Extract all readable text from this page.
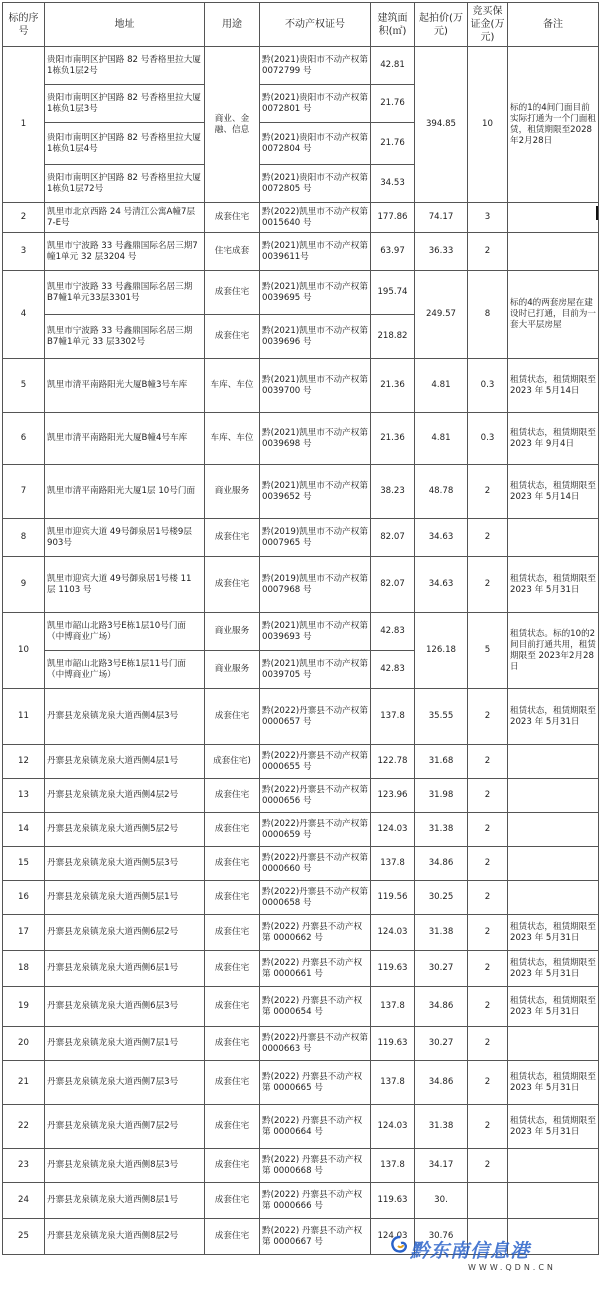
标的序号	地址	用途	不动产权证号	建筑面积(㎡)	起拍价(万元)	竞买保证金(万元)	备注
1	贵阳市南明区护国路 82 号香格里拉大厦1栋负1层2号	商业、金融、信息	黔(2021)贵阳市不动产权第 0072799 号	42.81	394.85	10	标的1的4间门面目前实际打通为一个门面租赁，租赁期限至2028年2月28日
	贵阳市南明区护国路 82 号香格里拉大厦1栋负1层3号		黔(2021)贵阳市不动产权第 0072801 号	21.76			
	贵阳市南明区护国路 82 号香格里拉大厦1栋负1层4号		黔(2021)贵阳市不动产权第 0072804 号	21.76			
	贵阳市南明区护国路 82 号香格里拉大厦1栋负1层72号		黔(2021)贵阳市不动产权第 0072805 号	34.53			
2	凯里市北京西路 24 号清江公寓A幢7层7-E号	成套住宅	黔(2022)凯里市不动产权第 0015640 号	177.86	74.17	3	
3	凯里市宁波路 33 号鑫鼎国际名居三期7幢1单元 32 层3204 号	住宅成套	黔(2021)凯里市不动产权第 0039611号	63.97	36.33	2	
4	凯里市宁波路 33 号鑫鼎国际名居三期B7幢1单元33层3301号	成套住宅	黔(2021)凯里市不动产权第 0039695 号	195.74	249.57	8	标的4的两套房屋在建设时已打通，目前为一套大平层房屋
	凯里市宁波路 33 号鑫鼎国际名居三期B7幢1单元 33 层3302号	成套住宅	黔(2021)凯里市不动产权第 0039696 号	218.82			
5	凯里市清平南路阳光大厦B幢3号车库	车库、车位	黔(2021)凯里市不动产权第 0039700 号	21.36	4.81	0.3	租赁状态，租赁期限至 2023 年 5月14日
6	凯里市清平南路阳光大厦B幢4号车库	车库、车位	黔(2021)凯里市不动产权第 0039698 号	21.36	4.81	0.3	租赁状态，租赁期限至 2023 年 9月4日
7	凯里市清平南路阳光大厦1层 10号门面	商业服务	黔(2021)凯里市不动产权第 0039652 号	38.23	48.78	2	租赁状态，租赁期限至 2023 年 5月14日
8	凯里市迎宾大道 49号御泉居1号楼9层903号	成套住宅	黔(2019)凯里市不动产权第 0007965 号	82.07	34.63	2	
9	凯里市迎宾大道 49号御泉居1号楼 11 层 1103 号	成套住宅	黔(2019)凯里市不动产权第 0007968 号	82.07	34.63	2	租赁状态，租赁期限至 2023 年 5月31日
10	凯里市韶山北路3号E栋1层10号门面（中博商业广场）	商业服务	黔(2021)凯里市不动产权第 0039693 号	42.83	126.18	5	租赁状态。标的10的2间目前打通共用，租赁期限至 2023年2月28日
	凯里市韶山北路3号E栋1层11号门面（中博商业广场）	商业服务	黔(2021)凯里市不动产权第 0039705 号	42.83			
11	丹寨县龙泉镇龙泉大道西侧4层3号	成套住宅	黔(2022)丹寨县不动产权第 0000657 号	137.8	35.55	2	租赁状态，租赁期限至 2023 年 5月31日
12	丹寨县龙泉镇龙泉大道西侧4层1号	成套住宅)	黔(2022)丹寨县不动产权第 0000655 号	122.78	31.68	2	
13	丹寨县龙泉镇龙泉大道西侧4层2号	成套住宅	黔(2022)丹寨县不动产权第 0000656 号	123.96	31.98	2	
14	丹寨县龙泉镇龙泉大道西侧5层2号	成套住宅	黔(2022)丹寨县不动产权第 0000659 号	124.03	31.38	2	
15	丹寨县龙泉镇龙泉大道西侧5层3号	成套住宅	黔(2022)丹寨县不动产权第 0000660 号	137.8	34.86	2	
16	丹寨县龙泉镇龙泉大道西侧5层1号	成套住宅	黔(2022)丹寨县不动产权第 0000658 号	119.56	30.25	2	
17	丹寨县龙泉镇龙泉大道西侧6层2号	成套住宅	黔(2022) 丹寨县不动产权第 0000662 号	124.03	31.38	2	租赁状态，租赁期限至 2023 年 5月31日
18	丹寨县龙泉镇龙泉大道西侧6层1号	成套住宅	黔(2022) 丹寨县不动产权第 0000661 号	119.63	30.27	2	租赁状态，租赁期限至 2023 年 5月31日
19	丹寨县龙泉镇龙泉大道西侧6层3号	成套住宅	黔(2022) 丹寨县不动产权第 0000654 号	137.8	34.86	2	租赁状态，租赁期限至 2023 年 5月31日
20	丹寨县龙泉镇龙泉大道西侧7层1号	成套住宅	黔(2022)丹寨县不动产权第 0000663 号	119.63	30.27	2	
21	丹寨县龙泉镇龙泉大道西侧7层3号	成套住宅	黔(2022) 丹寨县不动产权第 0000665 号	137.8	34.86	2	租赁状态，租赁期限至 2023 年 5月31日
22	丹寨县龙泉镇龙泉大道西侧7层2号	成套住宅	黔(2022) 丹寨县不动产权第 0000664 号	124.03	31.38	2	租赁状态，租赁期限至 2023 年 5月31日
23	丹寨县龙泉镇龙泉大道西侧8层3号	成套住宅	黔(2022) 丹寨县不动产权第 0000668 号	137.8	34.17	2	
24	丹寨县龙泉镇龙泉大道西侧8层1号	成套住宅	黔(2022) 丹寨县不动产权第 0000666 号	119.63	30.		
25	丹寨县龙泉镇龙泉大道西侧8层2号	成套住宅	黔(2022) 丹寨县不动产权第 0000667 号	124.03	30.76		
黔东南信息港
WWW.QDN.CN
